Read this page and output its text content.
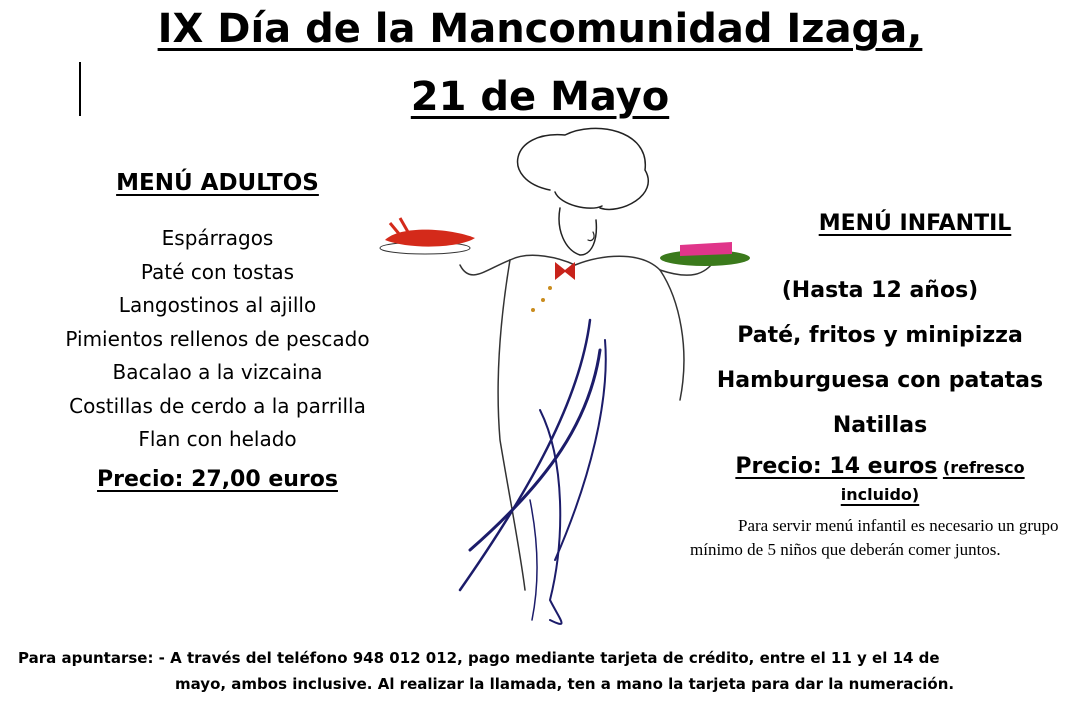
IX Día de la Mancomunidad Izaga,
21 de Mayo
MENÚ ADULTOS
Espárragos
Paté con tostas
Langostinos al ajillo
Pimientos rellenos de pescado
Bacalao a la vizcaina
Costillas de cerdo a la parrilla
Flan con helado
Precio: 27,00 euros
MENÚ INFANTIL
(Hasta 12 años)
Paté, fritos y minipizza
Hamburguesa con patatas
Natillas
Precio: 14 euros (refresco
incluido)
Para servir menú infantil es necesario un grupo mínimo de 5 niños que deberán comer juntos.
Para apuntarse: - A través del teléfono 948 012 012, pago mediante tarjeta de crédito, entre el 11 y el 14 de
mayo, ambos inclusive. Al realizar la llamada, ten a mano la tarjeta para dar la numeración.
